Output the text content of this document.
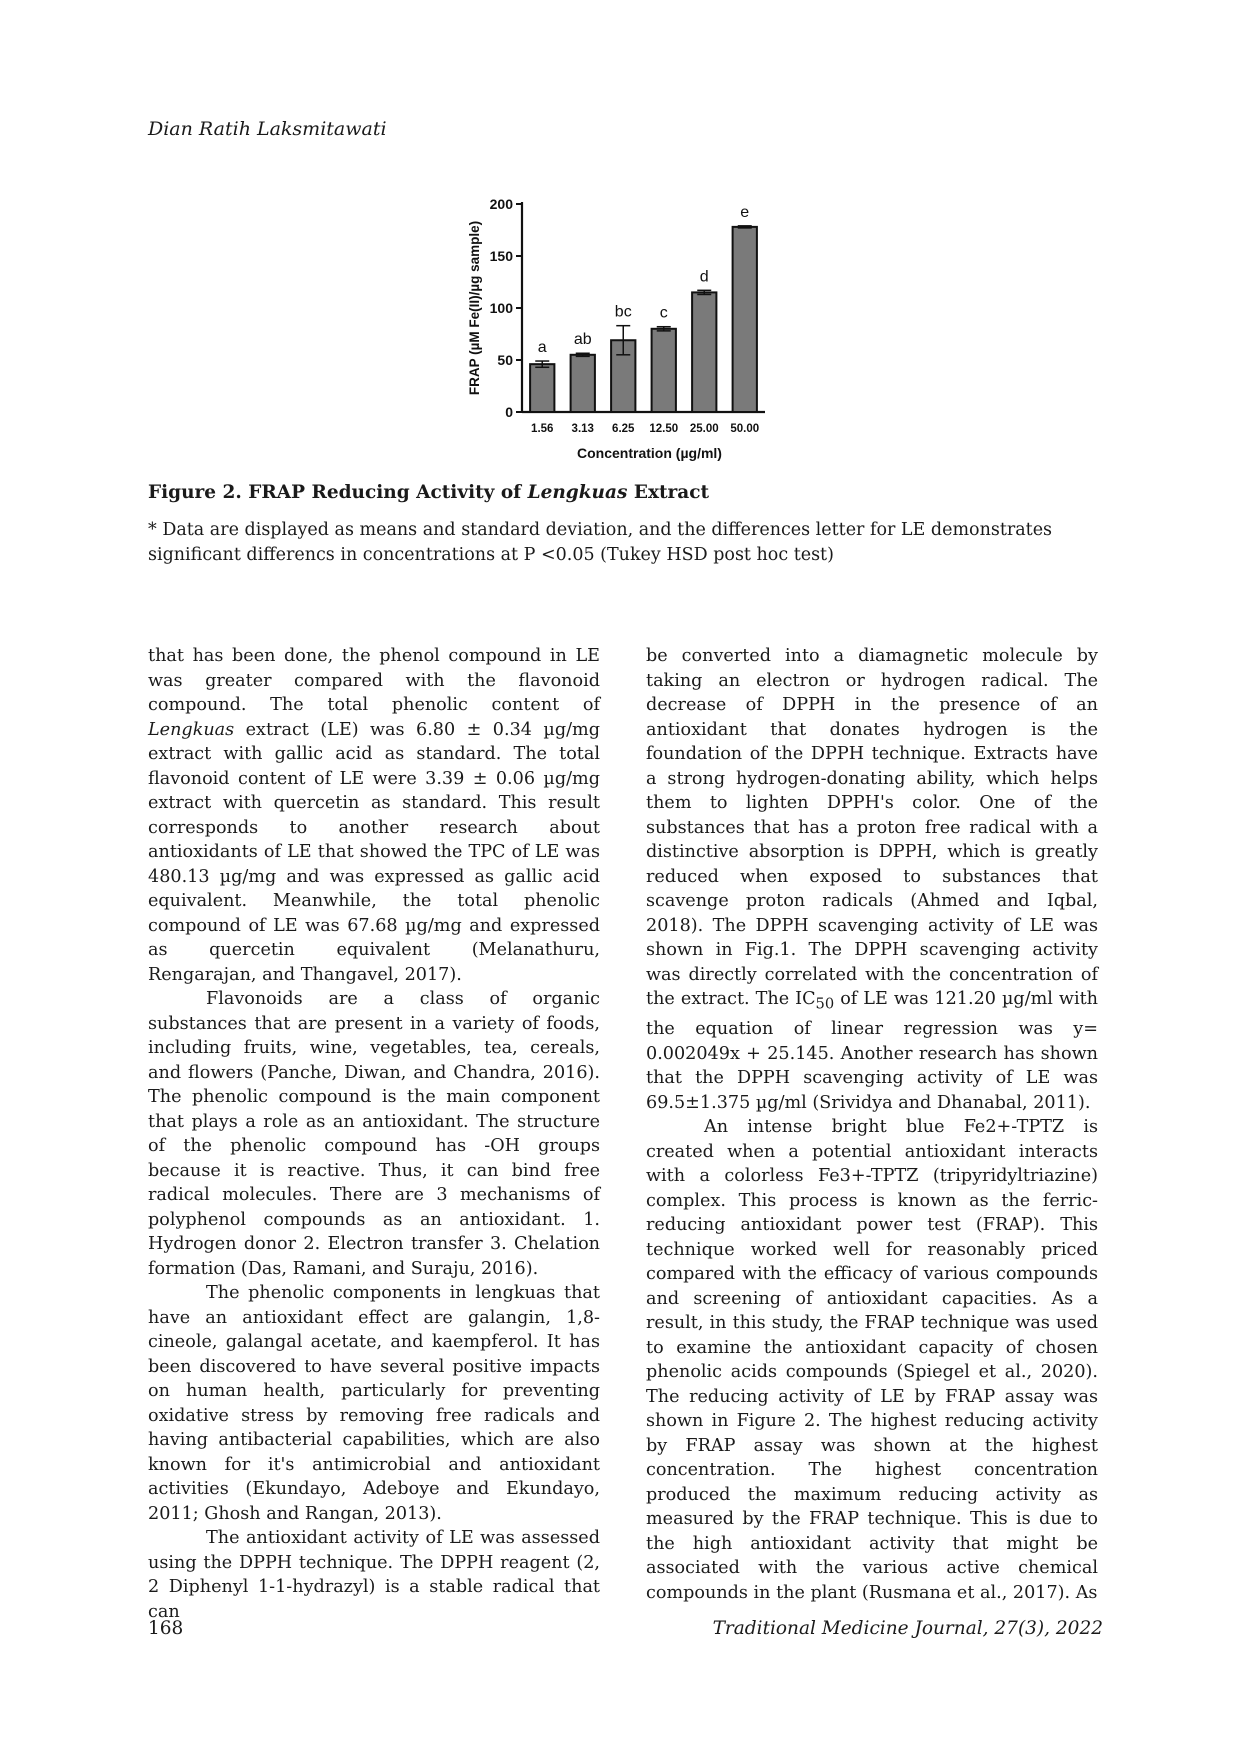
Dian Ratih Laksmitawati
0
50
100
150
200
a
1.56
ab
3.13
bc
6.25
c
12.50
d
25.00
e
50.00
Concentration (µg/ml)
FRAP (µM Fe(II)/µg sample)
Figure 2. FRAP Reducing Activity of Lengkuas Extract
* Data are displayed as means and standard deviation, and the differences letter for LE demonstrates significant differencs in concentrations at P <0.05 (Tukey HSD post hoc test)

that has been done, the phenol compound in LE was greater compared with the flavonoid compound. The total phenolic content of Lengkuas extract (LE) was 6.80 ± 0.34 µg/mg extract with gallic acid as standard. The total flavonoid content of LE were 3.39 ± 0.06 µg/mg extract with quercetin as standard. This result corresponds to another research about antioxidants of LE that showed the TPC of LE was 480.13 µg/mg and was expressed as gallic acid equivalent. Meanwhile, the total phenolic compound of LE was 67.68 µg/mg and expressed as quercetin equivalent (Melanathuru, Rengarajan, and Thangavel, 2017).

Flavonoids are a class of organic substances that are present in a variety of foods, including fruits, wine, vegetables, tea, cereals, and flowers (Panche, Diwan, and Chandra, 2016). The phenolic compound is the main component that plays a role as an antioxidant. The structure of the phenolic compound has -OH groups because it is reactive. Thus, it can bind free radical molecules. There are 3 mechanisms of polyphenol compounds as an antioxidant. 1. Hydrogen donor 2. Electron transfer 3. Chelation formation (Das, Ramani, and Suraju, 2016).

The phenolic components in lengkuas that have an antioxidant effect are galangin, 1,8-cineole, galangal acetate, and kaempferol. It has been discovered to have several positive impacts on human health, particularly for preventing oxidative stress by removing free radicals and having antibacterial capabilities, which are also known for it's antimicrobial and antioxidant activities (Ekundayo, Adeboye and Ekundayo, 2011; Ghosh and Rangan, 2013).

The antioxidant activity of LE was assessed using the DPPH technique. The DPPH reagent (2, 2 Diphenyl 1-1-hydrazyl) is a stable radical that can

be converted into a diamagnetic molecule by taking an electron or hydrogen radical. The decrease of DPPH in the presence of an antioxidant that donates hydrogen is the foundation of the DPPH technique. Extracts have a strong hydrogen-donating ability, which helps them to lighten DPPH's color. One of the substances that has a proton free radical with a distinctive absorption is DPPH, which is greatly reduced when exposed to substances that scavenge proton radicals (Ahmed and Iqbal, 2018). The DPPH scavenging activity of LE was shown in Fig.1. The DPPH scavenging activity was directly correlated with the concentration of the extract. The $IC_{50}$ of LE was 121.20 µg/ml with the equation of linear regression was y= 0.002049x + 25.145. Another research has shown that the DPPH scavenging activity of LE was 69.5±1.375 µg/ml (Srividya and Dhanabal, 2011).

An intense bright blue Fe2+-TPTZ is created when a potential antioxidant interacts with a colorless Fe3+-TPTZ (tripyridyltriazine) complex. This process is known as the ferric-reducing antioxidant power test (FRAP). This technique worked well for reasonably priced compared with the efficacy of various compounds and screening of antioxidant capacities. As a result, in this study, the FRAP technique was used to examine the antioxidant capacity of chosen phenolic acids compounds (Spiegel et al., 2020). The reducing activity of LE by FRAP assay was shown in Figure 2. The highest reducing activity by FRAP assay was shown at the highest concentration. The highest concentration produced the maximum reducing activity as measured by the FRAP technique. This is due to the high antioxidant activity that might be associated with the various active chemical compounds in the plant (Rusmana et al., 2017). As

168	Traditional Medicine Journal, 27(3), 2022
